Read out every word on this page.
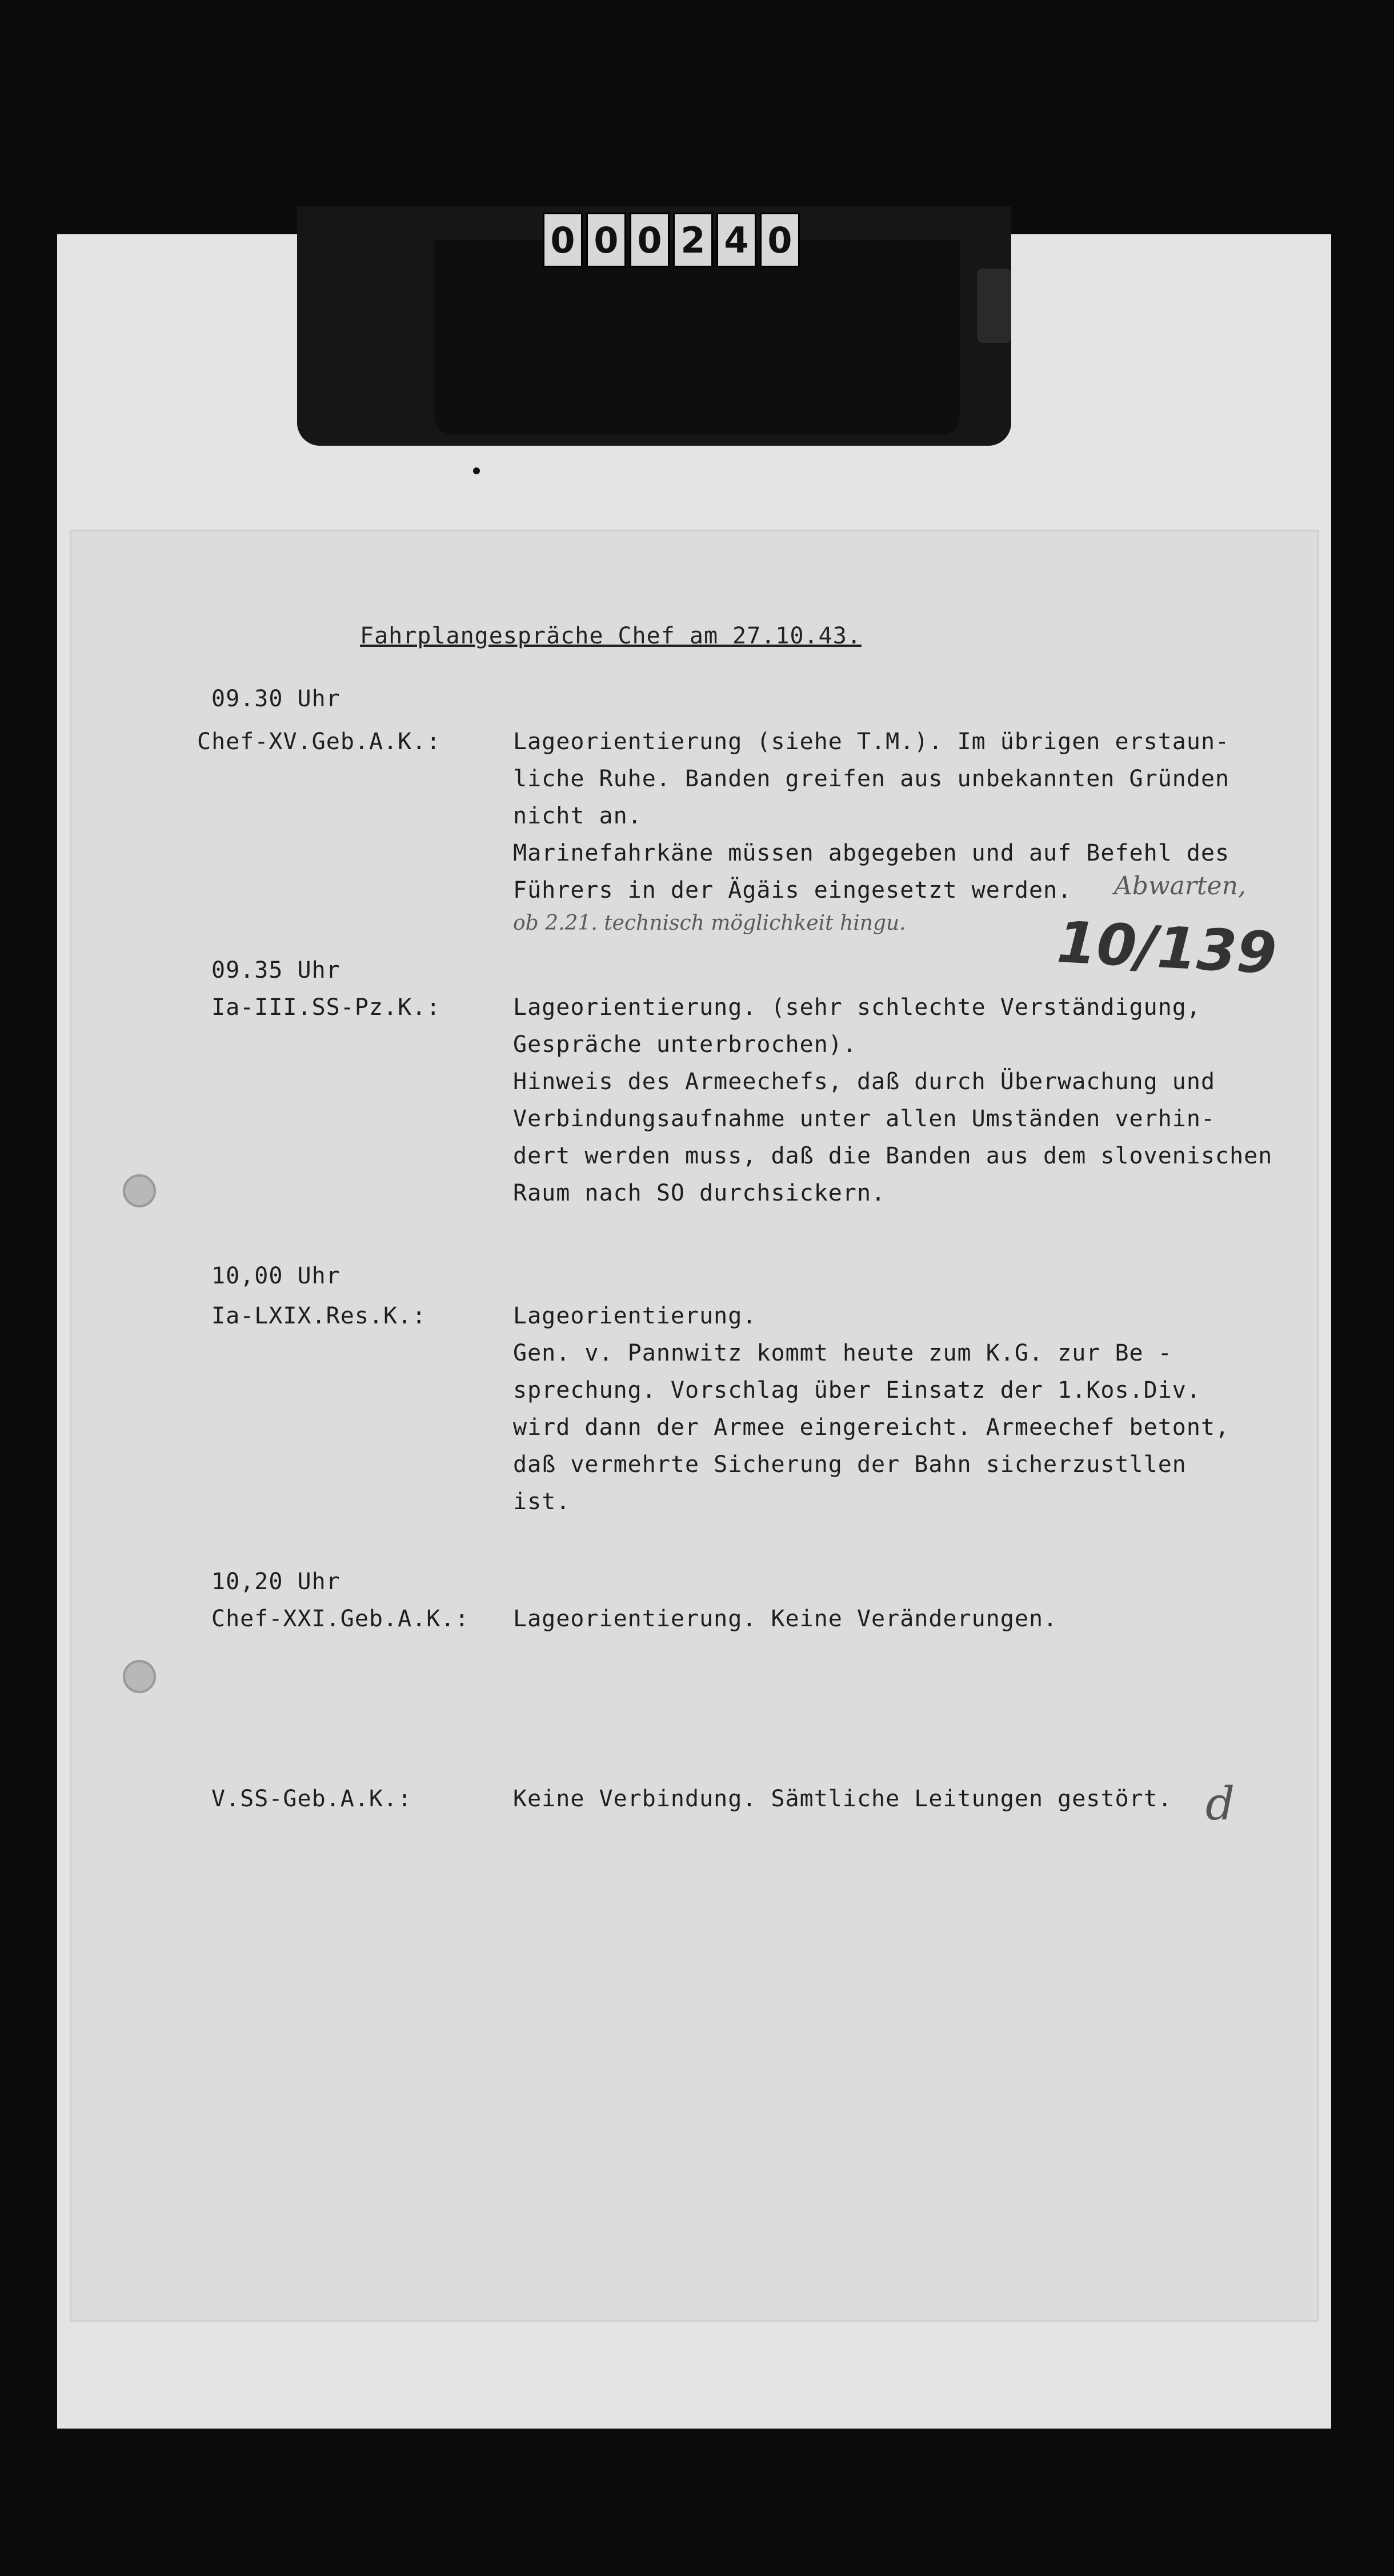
0 0 0 2 4 0
Fahrplangespräche Chef am 27.10.43.
09.30 Uhr
Chef-XV.Geb.A.K.:	Lageorientierung (siehe T.M.). Im übrigen erstaun-
liche Ruhe. Banden greifen aus unbekannten Gründen
nicht an.
Marinefahrkäne müssen abgegeben und auf Befehl des
Führers in der Ägäis eingesetzt werden. Abwarten,
ob 2.21. technisch möglichkeit hingu.	10/139
09.35 Uhr
Ia-III.SS-Pz.K.:	Lageorientierung. (sehr schlechte Verständigung,
Gespräche unterbrochen).
Hinweis des Armeechefs, daß durch Überwachung und
Verbindungsaufnahme unter allen Umständen verhin-
dert werden muss, daß die Banden aus dem slovenischen
Raum nach SO durchsickern.
10,00 Uhr
Ia-LXIX.Res.K.:	Lageorientierung.
Gen. v. Pannwitz kommt heute zum K.G. zur Be -
sprechung. Vorschlag über Einsatz der 1.Kos.Div.
wird dann der Armee eingereicht. Armeechef betont,
daß vermehrte Sicherung der Bahn sicherzustllen
ist.
10,20 Uhr
Chef-XXI.Geb.A.K.: Lageorientierung. Keine Veränderungen.
V.SS-Geb.A.K.:	Keine Verbindung. Sämtliche Leitungen gestört. d
